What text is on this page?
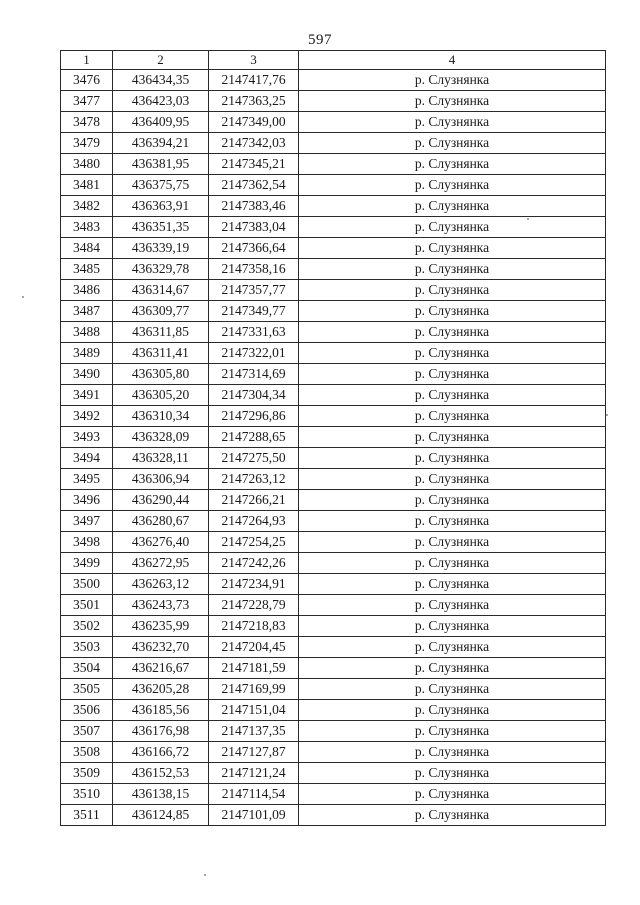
597
1	2	3	4
3476	436434,35	2147417,76	р. Слузнянка
3477	436423,03	2147363,25	р. Слузнянка
3478	436409,95	2147349,00	р. Слузнянка
3479	436394,21	2147342,03	р. Слузнянка
3480	436381,95	2147345,21	р. Слузнянка
3481	436375,75	2147362,54	р. Слузнянка
3482	436363,91	2147383,46	р. Слузнянка
3483	436351,35	2147383,04	р. Слузнянка
3484	436339,19	2147366,64	р. Слузнянка
3485	436329,78	2147358,16	р. Слузнянка
3486	436314,67	2147357,77	р. Слузнянка
3487	436309,77	2147349,77	р. Слузнянка
3488	436311,85	2147331,63	р. Слузнянка
3489	436311,41	2147322,01	р. Слузнянка
3490	436305,80	2147314,69	р. Слузнянка
3491	436305,20	2147304,34	р. Слузнянка
3492	436310,34	2147296,86	р. Слузнянка
3493	436328,09	2147288,65	р. Слузнянка
3494	436328,11	2147275,50	р. Слузнянка
3495	436306,94	2147263,12	р. Слузнянка
3496	436290,44	2147266,21	р. Слузнянка
3497	436280,67	2147264,93	р. Слузнянка
3498	436276,40	2147254,25	р. Слузнянка
3499	436272,95	2147242,26	р. Слузнянка
3500	436263,12	2147234,91	р. Слузнянка
3501	436243,73	2147228,79	р. Слузнянка
3502	436235,99	2147218,83	р. Слузнянка
3503	436232,70	2147204,45	р. Слузнянка
3504	436216,67	2147181,59	р. Слузнянка
3505	436205,28	2147169,99	р. Слузнянка
3506	436185,56	2147151,04	р. Слузнянка
3507	436176,98	2147137,35	р. Слузнянка
3508	436166,72	2147127,87	р. Слузнянка
3509	436152,53	2147121,24	р. Слузнянка
3510	436138,15	2147114,54	р. Слузнянка
3511	436124,85	2147101,09	р. Слузнянка
